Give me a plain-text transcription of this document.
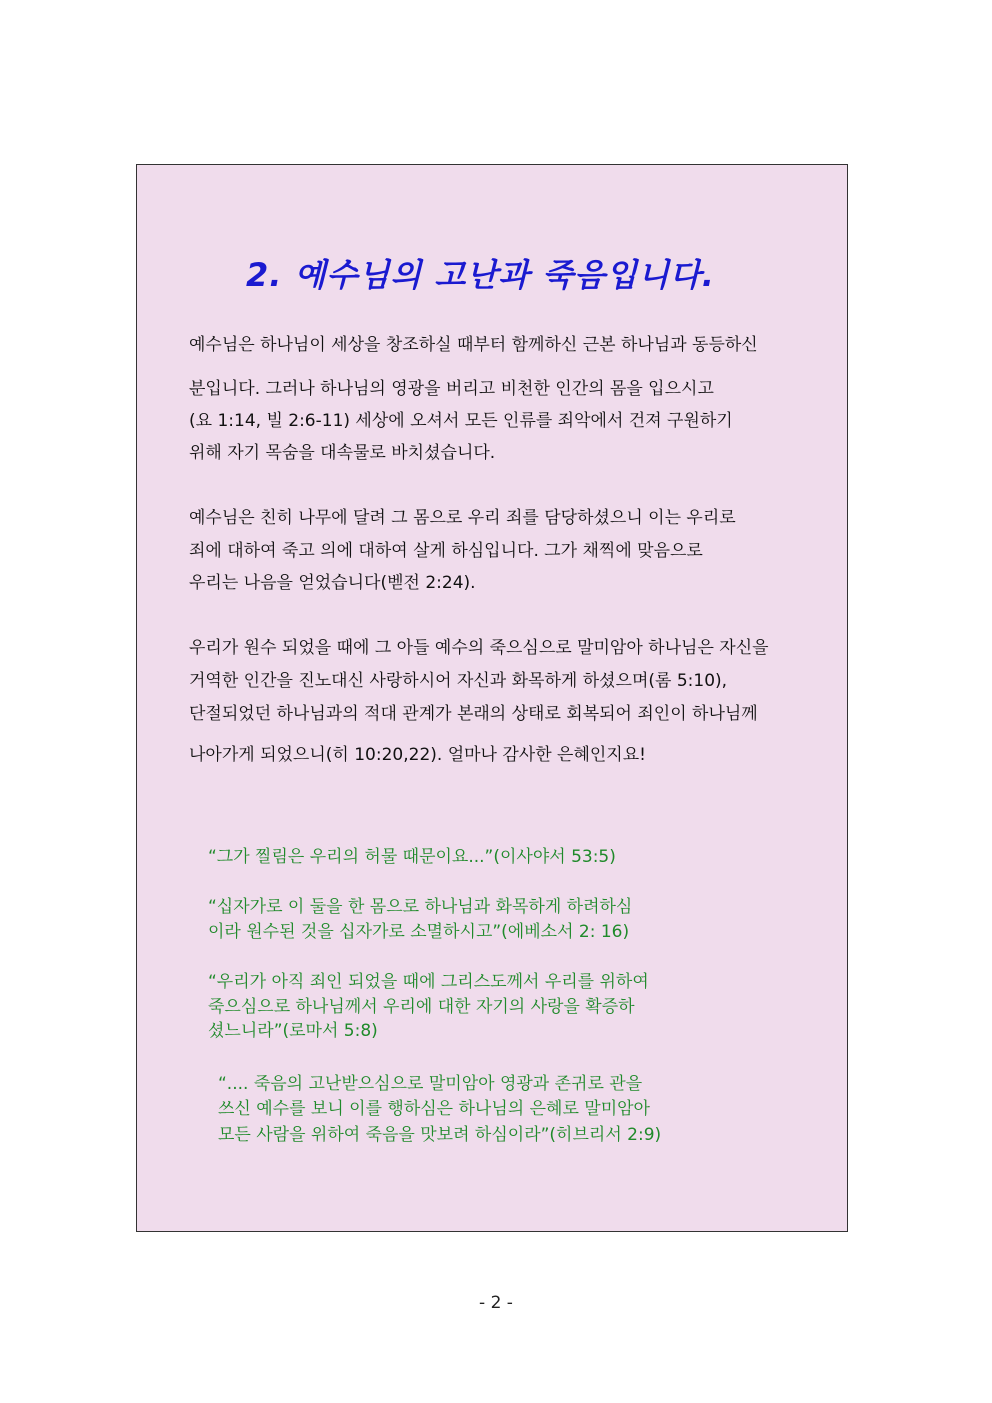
2. 예수님의 고난과 죽음입니다.
예수님은 하나님이 세상을 창조하실 때부터 함께하신 근본 하나님과 동등하신
분입니다. 그러나 하나님의 영광을 버리고 비천한 인간의 몸을 입으시고
(요 1:14, 빌 2:6-11) 세상에 오셔서 모든 인류를 죄악에서 건져 구원하기
위해 자기 목숨을 대속물로 바치셨습니다.
예수님은 친히 나무에 달려 그 몸으로 우리 죄를 담당하셨으니 이는 우리로
죄에 대하여 죽고 의에 대하여 살게 하심입니다. 그가 채찍에 맞음으로
우리는 나음을 얻었습니다(벧전 2:24).
우리가 원수 되었을 때에 그 아들 예수의 죽으심으로 말미암아 하나님은 자신을
거역한 인간을 진노대신 사랑하시어 자신과 화목하게 하셨으며(롬 5:10),
단절되었던 하나님과의 적대 관계가 본래의 상태로 회복되어 죄인이 하나님께
나아가게 되었으니(히 10:20,22). 얼마나 감사한 은혜인지요!
“그가 찔림은 우리의 허물 때문이요...”(이사야서 53:5)
“십자가로 이 둘을 한 몸으로 하나님과 화목하게 하려하심
이라 원수된 것을 십자가로 소멸하시고”(에베소서 2: 16)
“우리가 아직 죄인 되었을 때에 그리스도께서 우리를 위하여
죽으심으로 하나님께서 우리에 대한 자기의 사랑을 확증하
셨느니라”(로마서 5:8)
“.... 죽음의 고난받으심으로 말미암아 영광과 존귀로 관을
쓰신 예수를 보니 이를 행하심은 하나님의 은혜로 말미암아
모든 사람을 위하여 죽음을 맛보려 하심이라”(히브리서 2:9)
- 2 -
